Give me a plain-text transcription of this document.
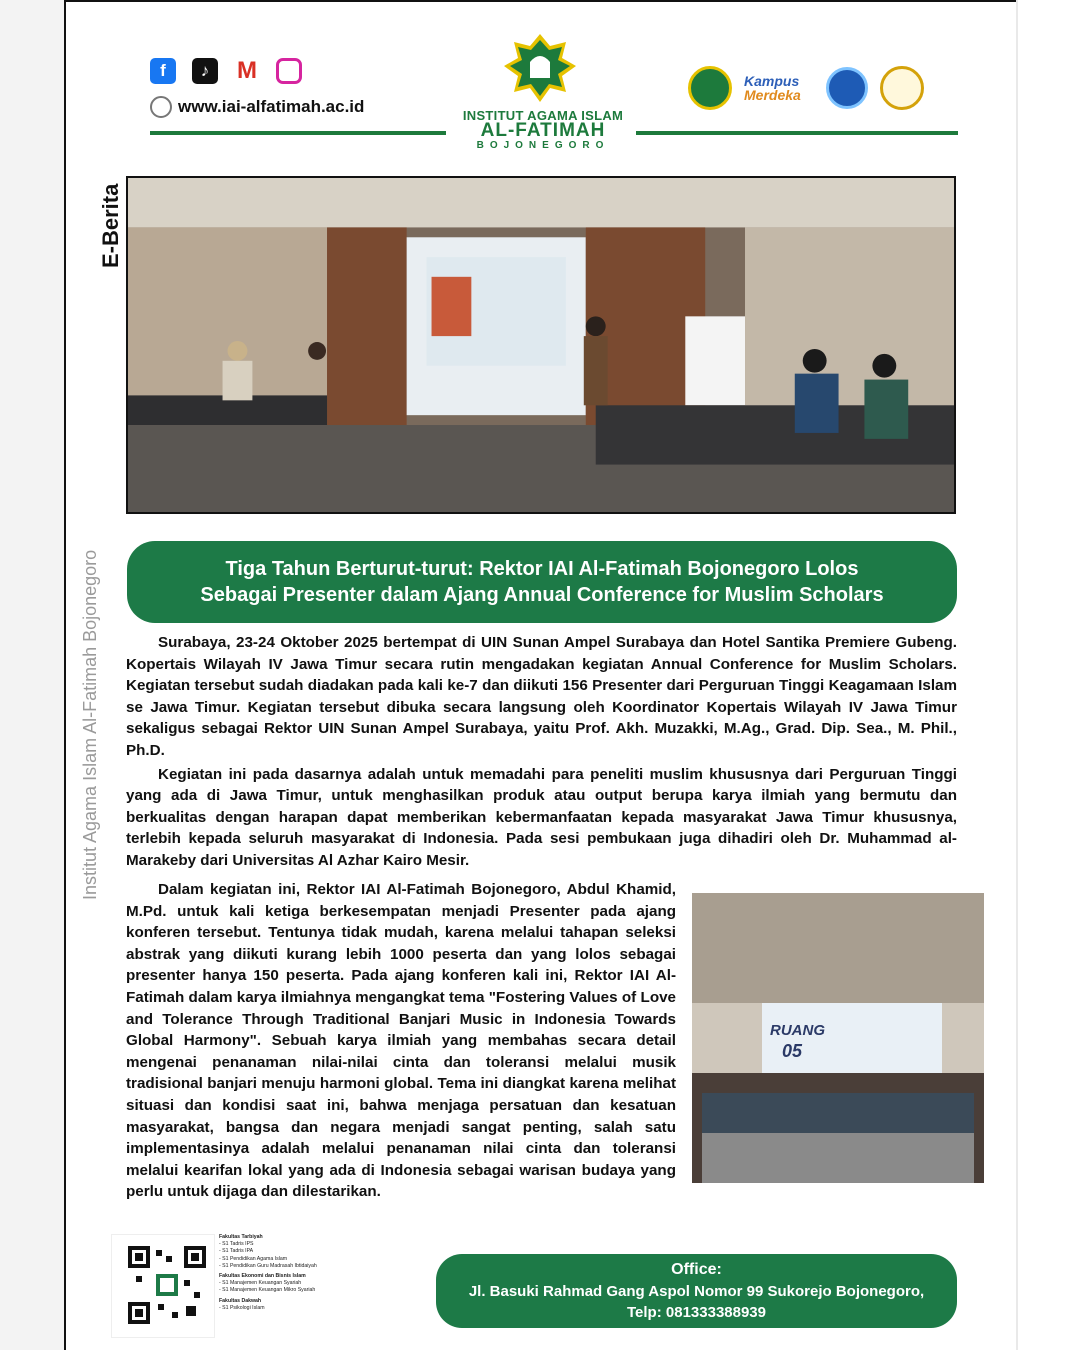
f	♪	M
www.iai-alfatimah.ac.id	INSTITUT AGAMA ISLAM
AL-FATIMAH
BOJONEGORO
Kampus
Merdeka
E-Berita
Institut Agama Islam Al-Fatimah Bojonegoro	Tiga Tahun Berturut-turut: Rektor IAI Al-Fatimah Bojonegoro Lolos
Sebagai Presenter dalam Ajang Annual Conference for Muslim Scholars

Surabaya, 23-24 Oktober 2025 bertempat di UIN Sunan Ampel Surabaya dan Hotel Santika Premiere Gubeng. Kopertais Wilayah IV Jawa Timur secara rutin mengadakan kegiatan Annual Conference for Muslim Scholars. Kegiatan tersebut sudah diadakan pada kali ke-7 dan diikuti 156 Presenter dari Perguruan Tinggi Keagamaan Islam se Jawa Timur. Kegiatan tersebut dibuka secara langsung oleh Koordinator Kopertais Wilayah IV Jawa Timur sekaligus sebagai Rektor UIN Sunan Ampel Surabaya, yaitu Prof. Akh. Muzakki, M.Ag., Grad. Dip. Sea., M. Phil., Ph.D.

Kegiatan ini pada dasarnya adalah untuk memadahi para peneliti muslim khususnya dari Perguruan Tinggi yang ada di Jawa Timur, untuk menghasilkan produk atau output berupa karya ilmiah yang bermutu dan berkualitas dengan harapan dapat memberikan kebermanfaatan kepada masyarakat Jawa Timur khususnya, terlebih kepada seluruh masyarakat di Indonesia. Pada sesi pembukaan juga dihadiri oleh Dr. Muhammad al-Marakeby dari Universitas Al Azhar Kairo Mesir.

Dalam kegiatan ini, Rektor IAI Al-Fatimah Bojonegoro, Abdul Khamid, M.Pd. untuk kali ketiga berkesempatan menjadi Presenter pada ajang konferen tersebut. Tentunya tidak mudah, karena melalui tahapan seleksi abstrak yang diikuti kurang lebih 1000 peserta dan yang lolos sebagai presenter hanya 150 peserta. Pada ajang konferen kali ini, Rektor IAI Al-Fatimah dalam karya ilmiahnya mengangkat tema "Fostering Values of Love and Tolerance Through Traditional Banjari Music in Indonesia Towards Global Harmony". Sebuah karya ilmiah yang membahas secara detail mengenai penanaman nilai-nilai cinta dan toleransi melalui musik tradisional banjari menuju harmoni global. Tema ini diangkat karena melihat situasi dan kondisi saat ini, bahwa menjaga persatuan dan kesatuan masyarakat, bangsa dan negara menjadi sangat penting, salah satu implementasinya adalah melalui penanaman nilai cinta dan toleransi melalui kearifan lokal yang ada di Indonesia sebagai warisan budaya yang perlu untuk dijaga dan dilestarikan.

RUANG
05
Fakultas Tarbiyah
- S1 Tadris IPS
- S1 Tadris IPA
- S1 Pendidikan Agama Islam
- S1 Pendidikan Guru Madrasah Ibtidaiyah
Fakultas Ekonomi dan Bisnis Islam
- S1 Manajemen Keuangan Syariah
- S1 Manajemen Keuangan Mikro Syariah
Fakultas Dakwah
- S1 Psikologi Islam
Office:
Jl. Basuki Rahmad Gang Aspol Nomor 99 Sukorejo Bojonegoro,
Telp: 081333388939
